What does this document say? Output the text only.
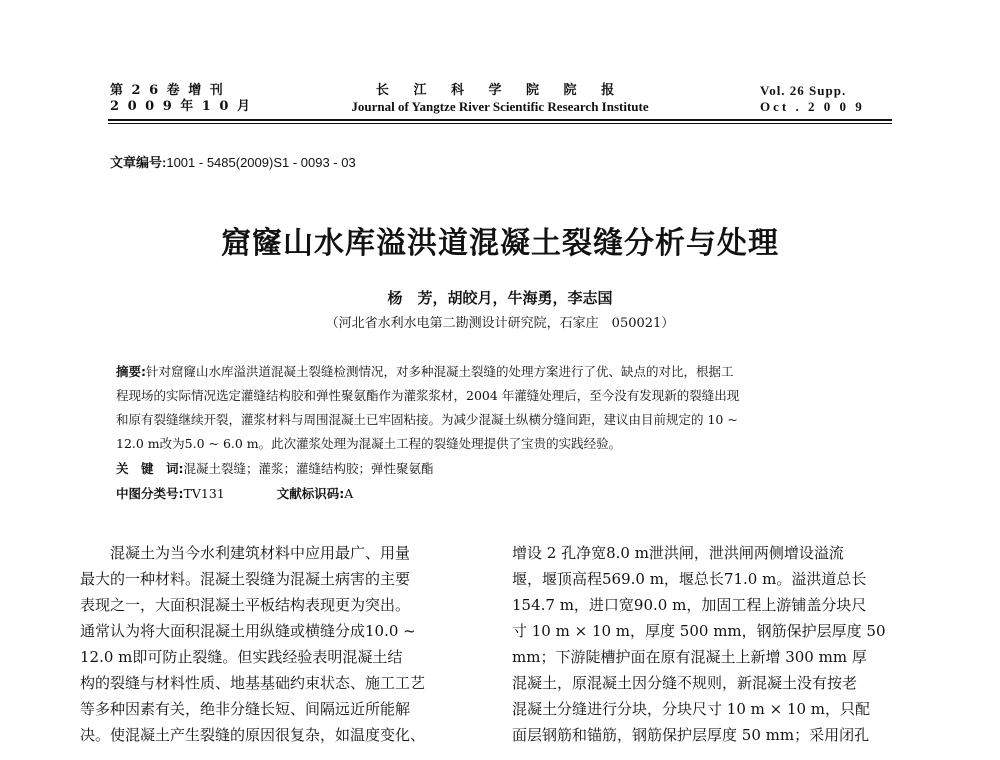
第 2 6 卷 增 刊
2 0 0 9 年 1 0 月
长 江 科 学 院 院 报
Journal of Yangtze River Scientific Research Institute
Vol. 26 Supp.
Oct . 2 0 0 9
文章编号:1001 - 5485(2009)S1 - 0093 - 03
窟窿山水库溢洪道混凝土裂缝分析与处理
杨　芳，胡皎月，牛海勇，李志国
（河北省水利水电第二勘测设计研究院，石家庄　050021）
摘要:针对窟窿山水库溢洪道混凝土裂缝检测情况，对多种混凝土裂缝的处理方案进行了优、缺点的对比，根据工
程现场的实际情况选定灌缝结构胶和弹性聚氨酯作为灌浆浆材，2004 年灌缝处理后，至今没有发现新的裂缝出现
和原有裂缝继续开裂，灌浆材料与周围混凝土已牢固粘接。为减少混凝土纵横分缝间距，建议由目前规定的 10 ~
12.0 m改为5.0 ~ 6.0 m。此次灌浆处理为混凝土工程的裂缝处理提供了宝贵的实践经验。
关　键　词:混凝土裂缝；灌浆；灌缝结构胶；弹性聚氨酯
中图分类号:TV131	文献标识码:A
　　混凝土为当今水利建筑材料中应用最广、用量
最大的一种材料。混凝土裂缝为混凝土病害的主要
表现之一，大面积混凝土平板结构表现更为突出。
通常认为将大面积混凝土用纵缝或横缝分成10.0 ~
12.0 m即可防止裂缝。但实践经验表明混凝土结
构的裂缝与材料性质、地基基础约束状态、施工工艺
等多种因素有关，绝非分缝长短、间隔远近所能解
决。使混凝土产生裂缝的原因很复杂，如温度变化、
增设 2 孔净宽8.0 m泄洪闸，泄洪闸两侧增设溢流
堰，堰顶高程569.0 m，堰总长71.0 m。溢洪道总长
154.7 m，进口宽90.0 m，加固工程上游铺盖分块尺
寸 10 m × 10 m，厚度 500 mm，钢筋保护层厚度 50
mm；下游陡槽护面在原有混凝土上新增 300 mm 厚
混凝土，原混凝土因分缝不规则，新混凝土没有按老
混凝土分缝进行分块，分块尺寸 10 m × 10 m，只配
面层钢筋和锚筋，钢筋保护层厚度 50 mm；采用闭孔
